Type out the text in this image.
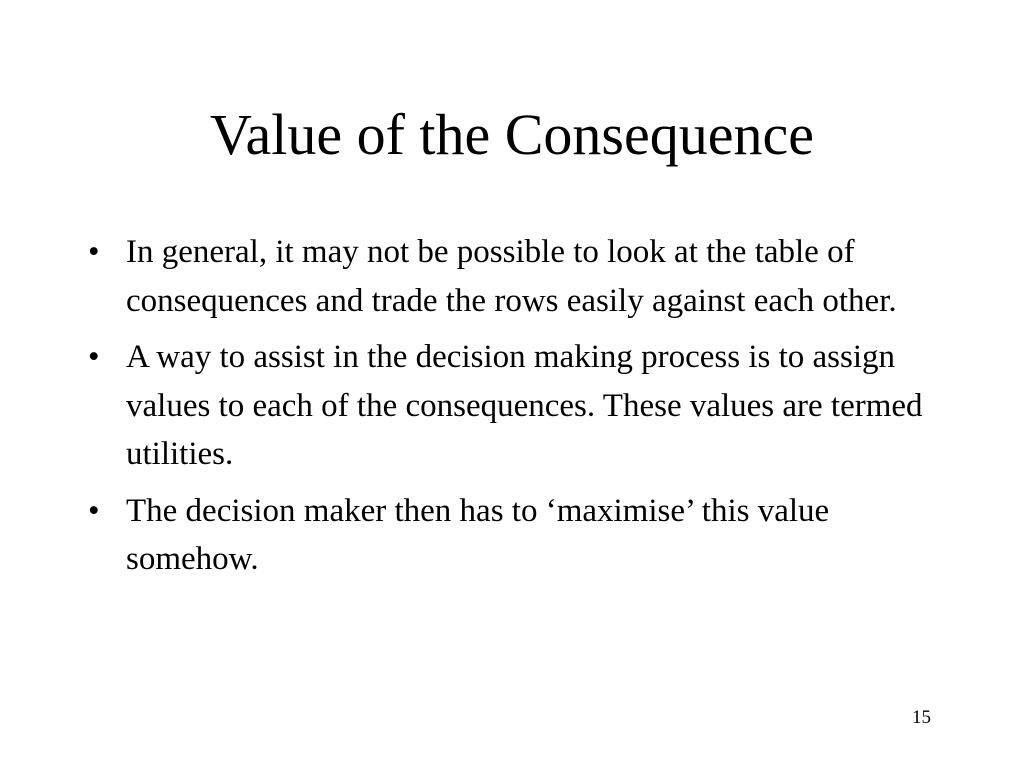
Value of the Consequence
• In general, it may not be possible to look at the table of consequences and trade the rows easily against each other.
• A way to assist in the decision making process is to assign values to each of the consequences. These values are termed utilities.
• The decision maker then has to ‘maximise’ this value somehow.
15
